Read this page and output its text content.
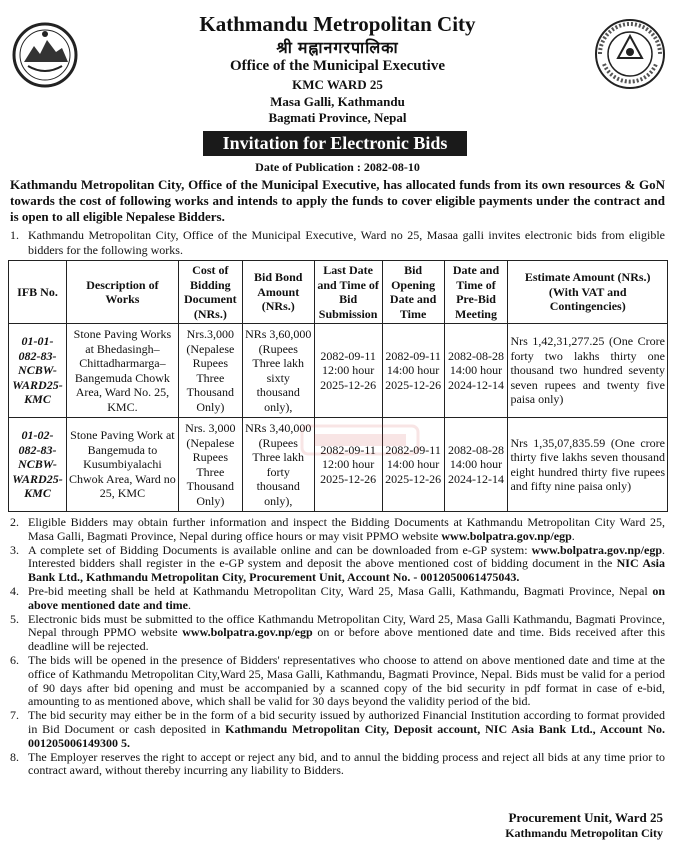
Kathmandu Metropolitan City
श्री मह्नानगरपालिका
Office of the Municipal Executive
KMC WARD 25
Masa Galli, Kathmandu
Bagmati Province, Nepal
Invitation for Electronic Bids
Date of Publication : 2082-08-10
Kathmandu Metropolitan City, Office of the Municipal Executive, has allocated funds from its own resources & GoN towards the cost of following works and intends to apply the funds to cover eligible payments under the contract and is open to all eligible Nepalese Bidders.
1. Kathmandu Metropolitan City, Office of the Municipal Executive, Ward no 25, Masaa galli invites electronic bids from eligible bidders for the following works.
IFB No.	Description of Works	Cost of Bidding Document (NRs.)	Bid Bond Amount (NRs.)	Last Date and Time of Bid Submission	Bid Opening Date and Time	Date and Time of Pre-Bid Meeting	Estimate Amount (NRs.) (With VAT and Contingencies)
01-01-082-83-NCBW-WARD25-KMC	Stone Paving Works at Bhedasingh–Chittadharmarga–Bangemuda Chowk Area, Ward No. 25, KMC.	Nrs.3,000 (Nepalese Rupees Three Thousand Only)	NRs 3,60,000 (Rupees Three lakh sixty thousand only),	2082-09-11 12:00 hour 2025-12-26	2082-09-11 14:00 hour 2025-12-26	2082-08-28 14:00 hour 2024-12-14	Nrs 1,42,31,277.25 (One Crore forty two lakhs thirty one thousand two hundred seventy seven rupees and twenty five paisa only)
01-02-082-83-NCBW-WARD25-KMC	Stone Paving Work at Bangemuda to Kusumbiyalachi Chwok Area, Ward no 25, KMC	Nrs. 3,000 (Nepalese Rupees Three Thousand Only)	NRs 3,40,000 (Rupees Three lakh forty thousand only),	2082-09-11 12:00 hour 2025-12-26	2082-09-11 14:00 hour 2025-12-26	2082-08-28 14:00 hour 2024-12-14	Nrs 1,35,07,835.59 (One crore thirty five lakhs seven thousand eight hundred thirty five rupees and fifty nine paisa only)
2. Eligible Bidders may obtain further information and inspect the Bidding Documents at Kathmandu Metropolitan City Ward 25, Masa Galli, Bagmati Province, Nepal during office hours or may visit PPMO website www.bolpatra.gov.np/egp.
3. A complete set of Bidding Documents is available online and can be downloaded from e-GP system: www.bolpatra.gov.np/egp. Interested bidders shall register in the e-GP system and deposit the above mentioned cost of bidding document in the NIC Asia Bank Ltd., Kathmandu Metropolitan City, Procurement Unit, Account No. - 0012050061475043.
4. Pre-bid meeting shall be held at Kathmandu Metropolitan City, Ward 25, Masa Galli, Kathmandu, Bagmati Province, Nepal on above mentioned date and time.
5. Electronic bids must be submitted to the office Kathmandu Metropolitan City, Ward 25, Masa Galli Kathmandu, Bagmati Province, Nepal through PPMO website www.bolpatra.gov.np/egp on or before above mentioned date and time. Bids received after this deadline will be rejected.
6. The bids will be opened in the presence of Bidders' representatives who choose to attend on above mentioned date and time at the office of Kathmandu Metropolitan City,Ward 25, Masa Galli, Kathmandu, Bagmati Province, Nepal. Bids must be valid for a period of 90 days after bid opening and must be accompanied by a scanned copy of the bid security in pdf format in case of e-bid, amounting to as mentioned above, which shall be valid for 30 days beyond the validity period of the bid.
7. The bid security may either be in the form of a bid security issued by authorized Financial Institution according to format provided in Bid Document or cash deposited in Kathmandu Metropolitan City, Deposit account, NIC Asia Bank Ltd., Account No. 001205006149300 5.
8. The Employer reserves the right to accept or reject any bid, and to annul the bidding process and reject all bids at any time prior to contract award, without thereby incurring any liability to Bidders.
Procurement Unit, Ward 25
Kathmandu Metropolitan City
